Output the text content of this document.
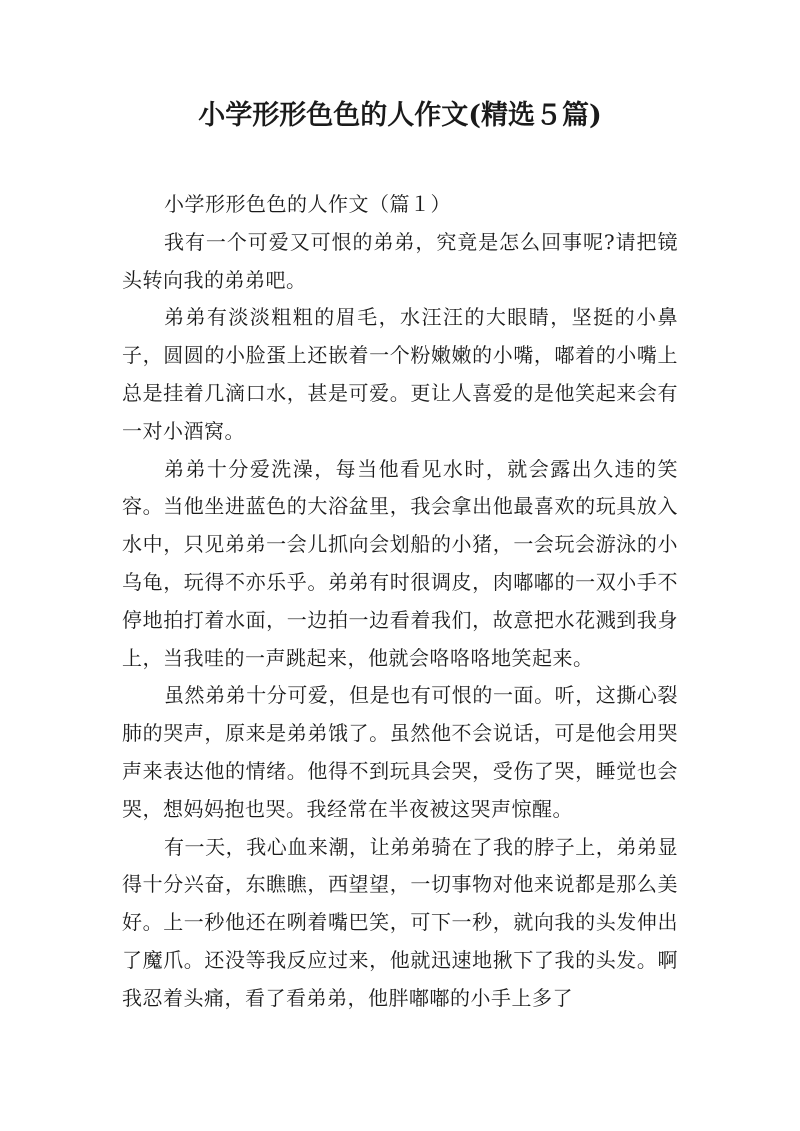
小学形形色色的人作文(精选５篇)

小学形形色色的人作文（篇１）

我有一个可爱又可恨的弟弟，究竟是怎么回事呢?请把镜头转向我的弟弟吧。

弟弟有淡淡粗粗的眉毛，水汪汪的大眼睛，坚挺的小鼻子，圆圆的小脸蛋上还嵌着一个粉嫩嫩的小嘴，嘟着的小嘴上总是挂着几滴口水，甚是可爱。更让人喜爱的是他笑起来会有一对小酒窝。

弟弟十分爱洗澡，每当他看见水时，就会露出久违的笑容。当他坐进蓝色的大浴盆里，我会拿出他最喜欢的玩具放入水中，只见弟弟一会儿抓向会划船的小猪，一会玩会游泳的小乌龟，玩得不亦乐乎。弟弟有时很调皮，肉嘟嘟的一双小手不停地拍打着水面，一边拍一边看着我们，故意把水花溅到我身上，当我哇的一声跳起来，他就会咯咯咯地笑起来。

虽然弟弟十分可爱，但是也有可恨的一面。听，这撕心裂肺的哭声，原来是弟弟饿了。虽然他不会说话，可是他会用哭声来表达他的情绪。他得不到玩具会哭，受伤了哭，睡觉也会哭，想妈妈抱也哭。我经常在半夜被这哭声惊醒。

有一天，我心血来潮，让弟弟骑在了我的脖子上，弟弟显得十分兴奋，东瞧瞧，西望望，一切事物对他来说都是那么美好。上一秒他还在咧着嘴巴笑，可下一秒，就向我的头发伸出了魔爪。还没等我反应过来，他就迅速地揪下了我的头发。啊我忍着头痛，看了看弟弟，他胖嘟嘟的小手上多了
